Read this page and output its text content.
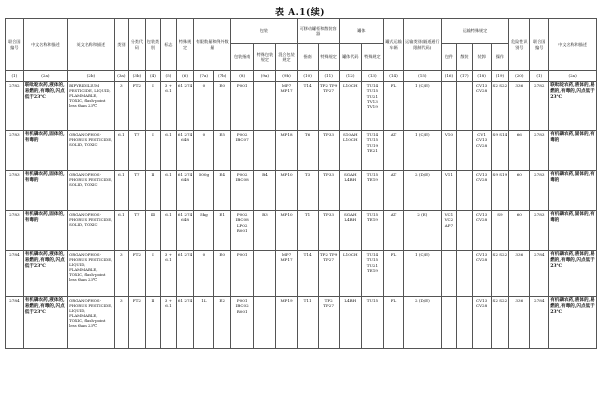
表 A.1(续)
联合国编号	中文名称和描述	英文名称和描述	类别	分类代码	包装类别	标志	特殊规定	有限数量和例外数量		包装			可移动罐柜和散装容器		罐体		罐式运输车辆	运输类别(隧道通行限制代码)	运输特殊规定				危险性识别号	联合国编号	中文名称和描述
										包装指南	特殊包装规定	混合包装规定	指南	特殊规定	罐体代码	特殊规定			包件	散装	装卸	操作			
(1)	(2a)	(2b)	(3a)	(3b)	(4)	(5)	(6)	(7a)	(7b)	(8)	(9a)	(9b)	(10)	(11)	(12)	(13)	(14)	(15)	(16)	(17)	(18)	(19)	(20)	(1)	(2a)
2782	联吡啶农药,液体的,易燃的,有毒的,闪点低于23℃	BIPYRIDILIUM PESTICIDE, LIQUID, FLAMMABLE, TOXIC, flash-point less than 23℃	3	FT2	Ⅰ	3 + 6.1	61 274	0	E0	P001		MP7 MP17	T14	TP2 TP9 TP27	L10CH	TU14 TU15 TU21 TV13 TV19	FL	1 (C/E)			CV13 CV28	S2 S22	336	2782	联吡啶农药,液体的,易燃的,有毒的,闪点低于23℃
2783	有机磷农药,固体的,有毒的	ORGANOPHOS-PHORUS PESTICIDE, SOLID, TOXIC	6.1	T7	Ⅰ	6.1	61 274 648	0	E5	P002 IBC07		MP18	T6	TP33	S10AH L10CH	TU14 TU15 TU19 TE21	AT	1 (C/E)	V10		CV1 CV13 CV28	S9 S14	66	2783	有机磷农药,固体的,有毒的
2783	有机磷农药,固体的,有毒的	ORGANOPHOS-PHORUS PESTICIDE, SOLID, TOXIC	6.1	T7	Ⅱ	6.1	61 274 648	500g	E4	P002 IBC08	B4	MP10	T3	TP33	SGAH L4BH	TU15 TE19	AT	2 (D/E)	V11		CV13 CV28	S9 S19	60	2783	有机磷农药,固体的,有毒的
2783	有机磷农药,固体的,有毒的	ORGANOPHOS-PHORUS PESTICIDE, SOLID, TOXIC	6.1	T7	Ⅲ	6.1	61 274 648	5kg	E1	P002 IBC08 LP02 R001	B3	MP10	T1	TP33	SGAH L4BH	TU15 TE19	AT	2 (E)	VC1 VC2 AP7		CV13 CV28	S9	60	2783	有机磷农药,固体的,有毒的
2784	有机磷农药,液体的,易燃的,有毒的,闪点低于23℃	ORGANOPHOS-PHORUS PESTICIDE, LIQUID, FLAMMABLE, TOXIC, flash-point less than 23℃	3	FT2	Ⅰ	3 + 6.1	61 274	0	E0	P001		MP7 MP17	T14	TP2 TP9 TP27	L10CH	TU14 TU15 TU21 TE19	FL	1 (C/E)			CV13 CV28	S2 S22	336	2784	有机磷农药,液体的,易燃的,有毒的,闪点低于23℃
2784	有机磷农药,液体的,易燃的,有毒的,闪点低于23℃	ORGANOPHOS-PHORUS PESTICIDE, LIQUID, FLAMMABLE, TOXIC, flash-point less than 23℃	3	FT2	Ⅱ	3 + 6.1	61 274	1L	E2	P001 IBC02 R001		MP19	T11	TP2 TP27	L4BH	TU15	FL	2 (D/E)			CV13 CV28	S2 S22	336	2784	有机磷农药,液体的,易燃的,有毒的,闪点低于23℃
